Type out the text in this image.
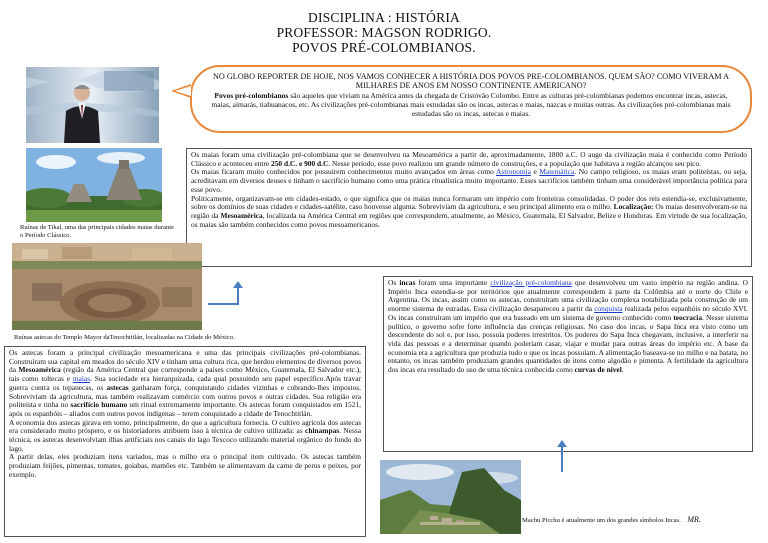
DISCIPLINA : HISTÓRIA
PROFESSOR: MAGSON RODRIGO.
POVOS PRÉ-COLOMBIANOS.
NO GLOBO REPORTER DE HOJE, NOS VAMOS CONHECER A HISTÓRIA DOS POVOS PRE-COLOMBIANOS. QUEM SÃO? COMO VIVERAM A MILHARES DE ANOS EM NOSSO CONTINENTE AMERICANO?
Povos pré-colombianos são aqueles que viviam na América antes da chegada de Cristóvão Colombo. Entre as culturas pré-colombianas podemos encontrar incas, astecas, maias, aimarás, tiahuanacos, etc. As civilizações pré-colombianas mais estudadas são os incas, astecas e maias, nazcas e muitas outras. As civilizações pré-colombianas mais estudadas são os incas, astecas e maias.
Ruínas de Tikal, uma das principais cidades maias durante o Período Clássico.

Os maias foram uma civilização pré-colombiana que se desenvolveu na Mesoamérica a partir de, aproximadamente, 1800 a.C. O auge da civilização maia é conhecido como Período Clássico e aconteceu entre 250 d.C. e 900 d.C. Nesse período, esse povo realizou um grande número de construções, e a população que habitava a região alcançou seu pico.

Os maias ficaram muito conhecidos por possuírem conhecimentos muito avançados em áreas como Astronomia e Matemática. No campo religioso, os maias eram politeístas, ou seja, acreditavam em diversos deuses e tinham o sacrifício humano como uma prática ritualística muito importante. Esses sacrifícios também tinham uma considerável importância política para esse povo.

Politicamente, organizavam-se em cidades-estado, o que significa que os maias nunca formaram um império com fronteiras consolidadas. O poder dos reis estendia-se, exclusivamente, sobre os domínios de suas cidades e cidades-satélite, caso houvesse alguma. Sobreviviam da agricultura, e seu principal alimento era o milho. Localização: Os maias desenvolveram-se na região da Mesoamérica, localizada na América Central em regiões que correspondem, atualmente, ao México, Guatemala, El Salvador, Belize e Honduras. Em virtude de sua localização, os maias são também conhecidos como povos mesoamericanos.

Ruínas astecas do Templo Mayor daTenochtitlán, localizadas na Cidade do México.

Os incas foram uma importante civilização pré-colombiana que desenvolveu um vasto império na região andina. O Império Inca estendia-se por territórios que atualmente correspondem à parte da Colômbia até o norte do Chile e Argentina. Os incas, assim como os astecas, construíram uma civilização complexa notabilizada pela construção de um enorme sistema de estradas. Essa civilização desapareceu a partir da conquista realizada pelos espanhóis no século XVI. Os incas construíram um império que era baseado em um sistema de governo conhecido como teocracia. Nesse sistema político, o governo sofre forte influência das crenças religiosas. No caso dos incas, o Sapa Inca era visto como um descendente do sol e, por isso, possuía poderes irrestritos. Os poderes do Sapa Inca chegavam, inclusive, a interferir na vida das pessoas e a determinar quando poderiam casar, viajar e mudar para outras áreas do império etc. A base da economia era a agricultura que produzia tudo o que os incas possuíam. A alimentação baseava-se no milho e na batata, no entanto, os incas também produziam grandes quantidades de itens como algodão e pimenta. A fertilidade da agricultura dos incas era resultado do uso de uma técnica conhecida como curvas de nível.

Os astecas foram a principal civilização mesoamericana e uma das principais civilizações pré-colombianas. Construíram sua capital em meados do século XIV e tinham uma cultura rica, que herdou elementos de diversos povos da Mesoamérica (região da América Central que corresponde a países como México, Guatemala, El Salvador etc.), tais como toltecas e maias. Sua sociedade era hierarquizada, cada qual possuindo seu papel específico.Após travar guerra contra os tepanecas, os astecas ganharam força, conquistando cidades vizinhas e cobrando-lhes impostos. Sobreviviam da agricultura, mas também realizavam comércio com outros povos e outras cidades. Sua religião era politeísta e tinha no sacrifício humano um ritual extremamente importante. Os astecas foram conquistados em 1521, após os espanhóis – aliados com outros povos indígenas – terem conquistado a cidade de Tenochtitlán.

A economia dos astecas girava em torno, principalmente, do que a agricultura fornecia. O cultivo agrícola dos astecas era considerado muito próspero, e os historiadores atribuem isso à técnica de cultivo utilizada: as chinampas. Nessa técnica, os astecas desenvolviam ilhas artificiais nos canais do lago Texcoco utilizando material orgânico do fundo do lago.

A partir delas, eles produziam itens variados, mas o milho era o principal item cultivado. Os astecas também produziam feijões, pimentas, tomates, goiabas, mamões etc. Também se alimentavam da carne de perus e peixes, por exemplo.

Machu Picchu é atualmente um dos grandes símbolos Incas. MR.
